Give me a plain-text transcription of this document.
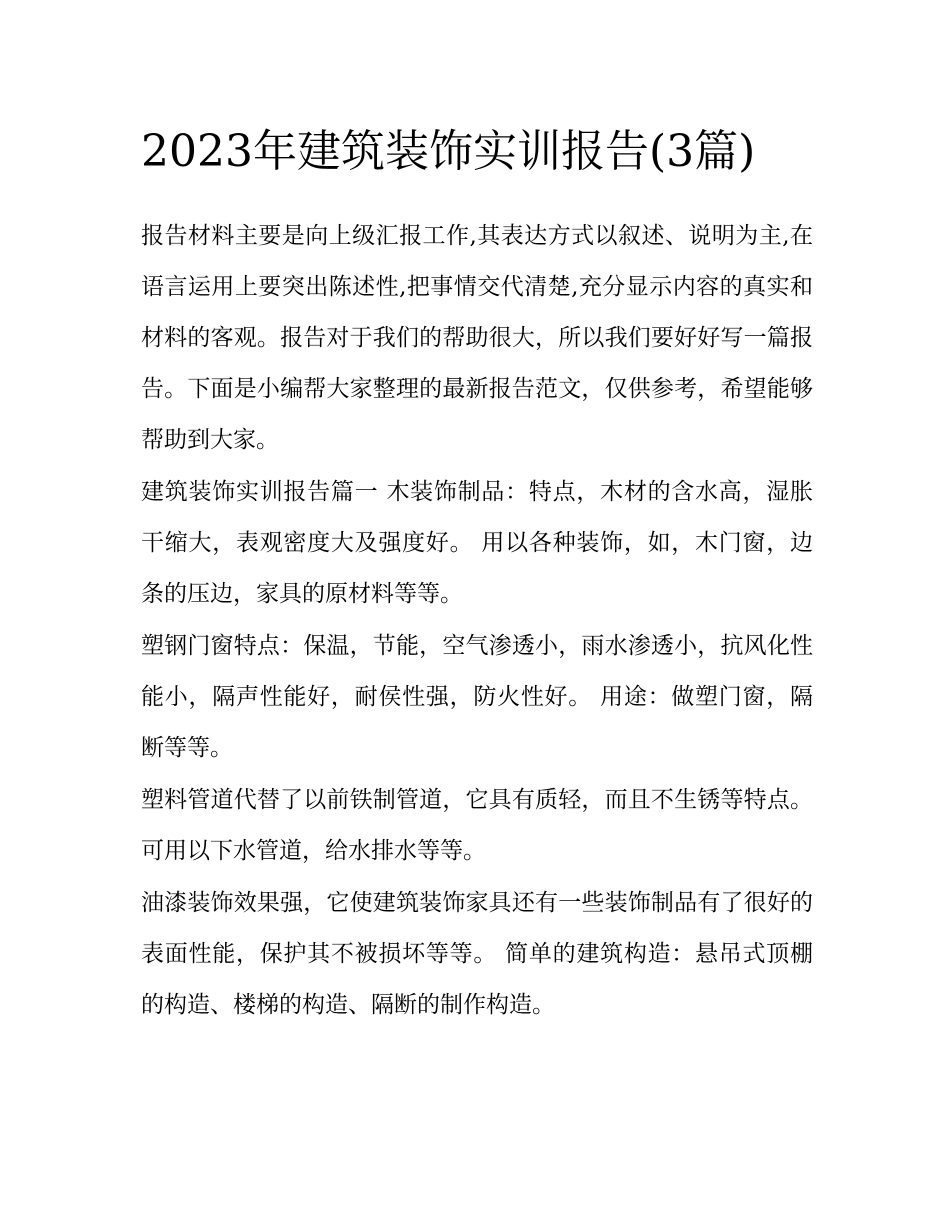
2023年建筑装饰实训报告(3篇)

报告材料主要是向上级汇报工作,其表达方式以叙述、说明为主,在语言运用上要突出陈述性,把事情交代清楚,充分显示内容的真实和材料的客观。报告对于我们的帮助很大，所以我们要好好写一篇报告。下面是小编帮大家整理的最新报告范文，仅供参考，希望能够帮助到大家。

建筑装饰实训报告篇一 木装饰制品：特点，木材的含水高，湿胀干缩大，表观密度大及强度好。 用以各种装饰，如，木门窗，边条的压边，家具的原材料等等。

塑钢门窗特点：保温，节能，空气渗透小，雨水渗透小，抗风化性能小，隔声性能好，耐侯性强，防火性好。 用途：做塑门窗，隔断等等。

塑料管道代替了以前铁制管道，它具有质轻，而且不生锈等特点。可用以下水管道，给水排水等等。

油漆装饰效果强，它使建筑装饰家具还有一些装饰制品有了很好的表面性能，保护其不被损坏等等。 简单的建筑构造：悬吊式顶棚的构造、楼梯的构造、隔断的制作构造。
